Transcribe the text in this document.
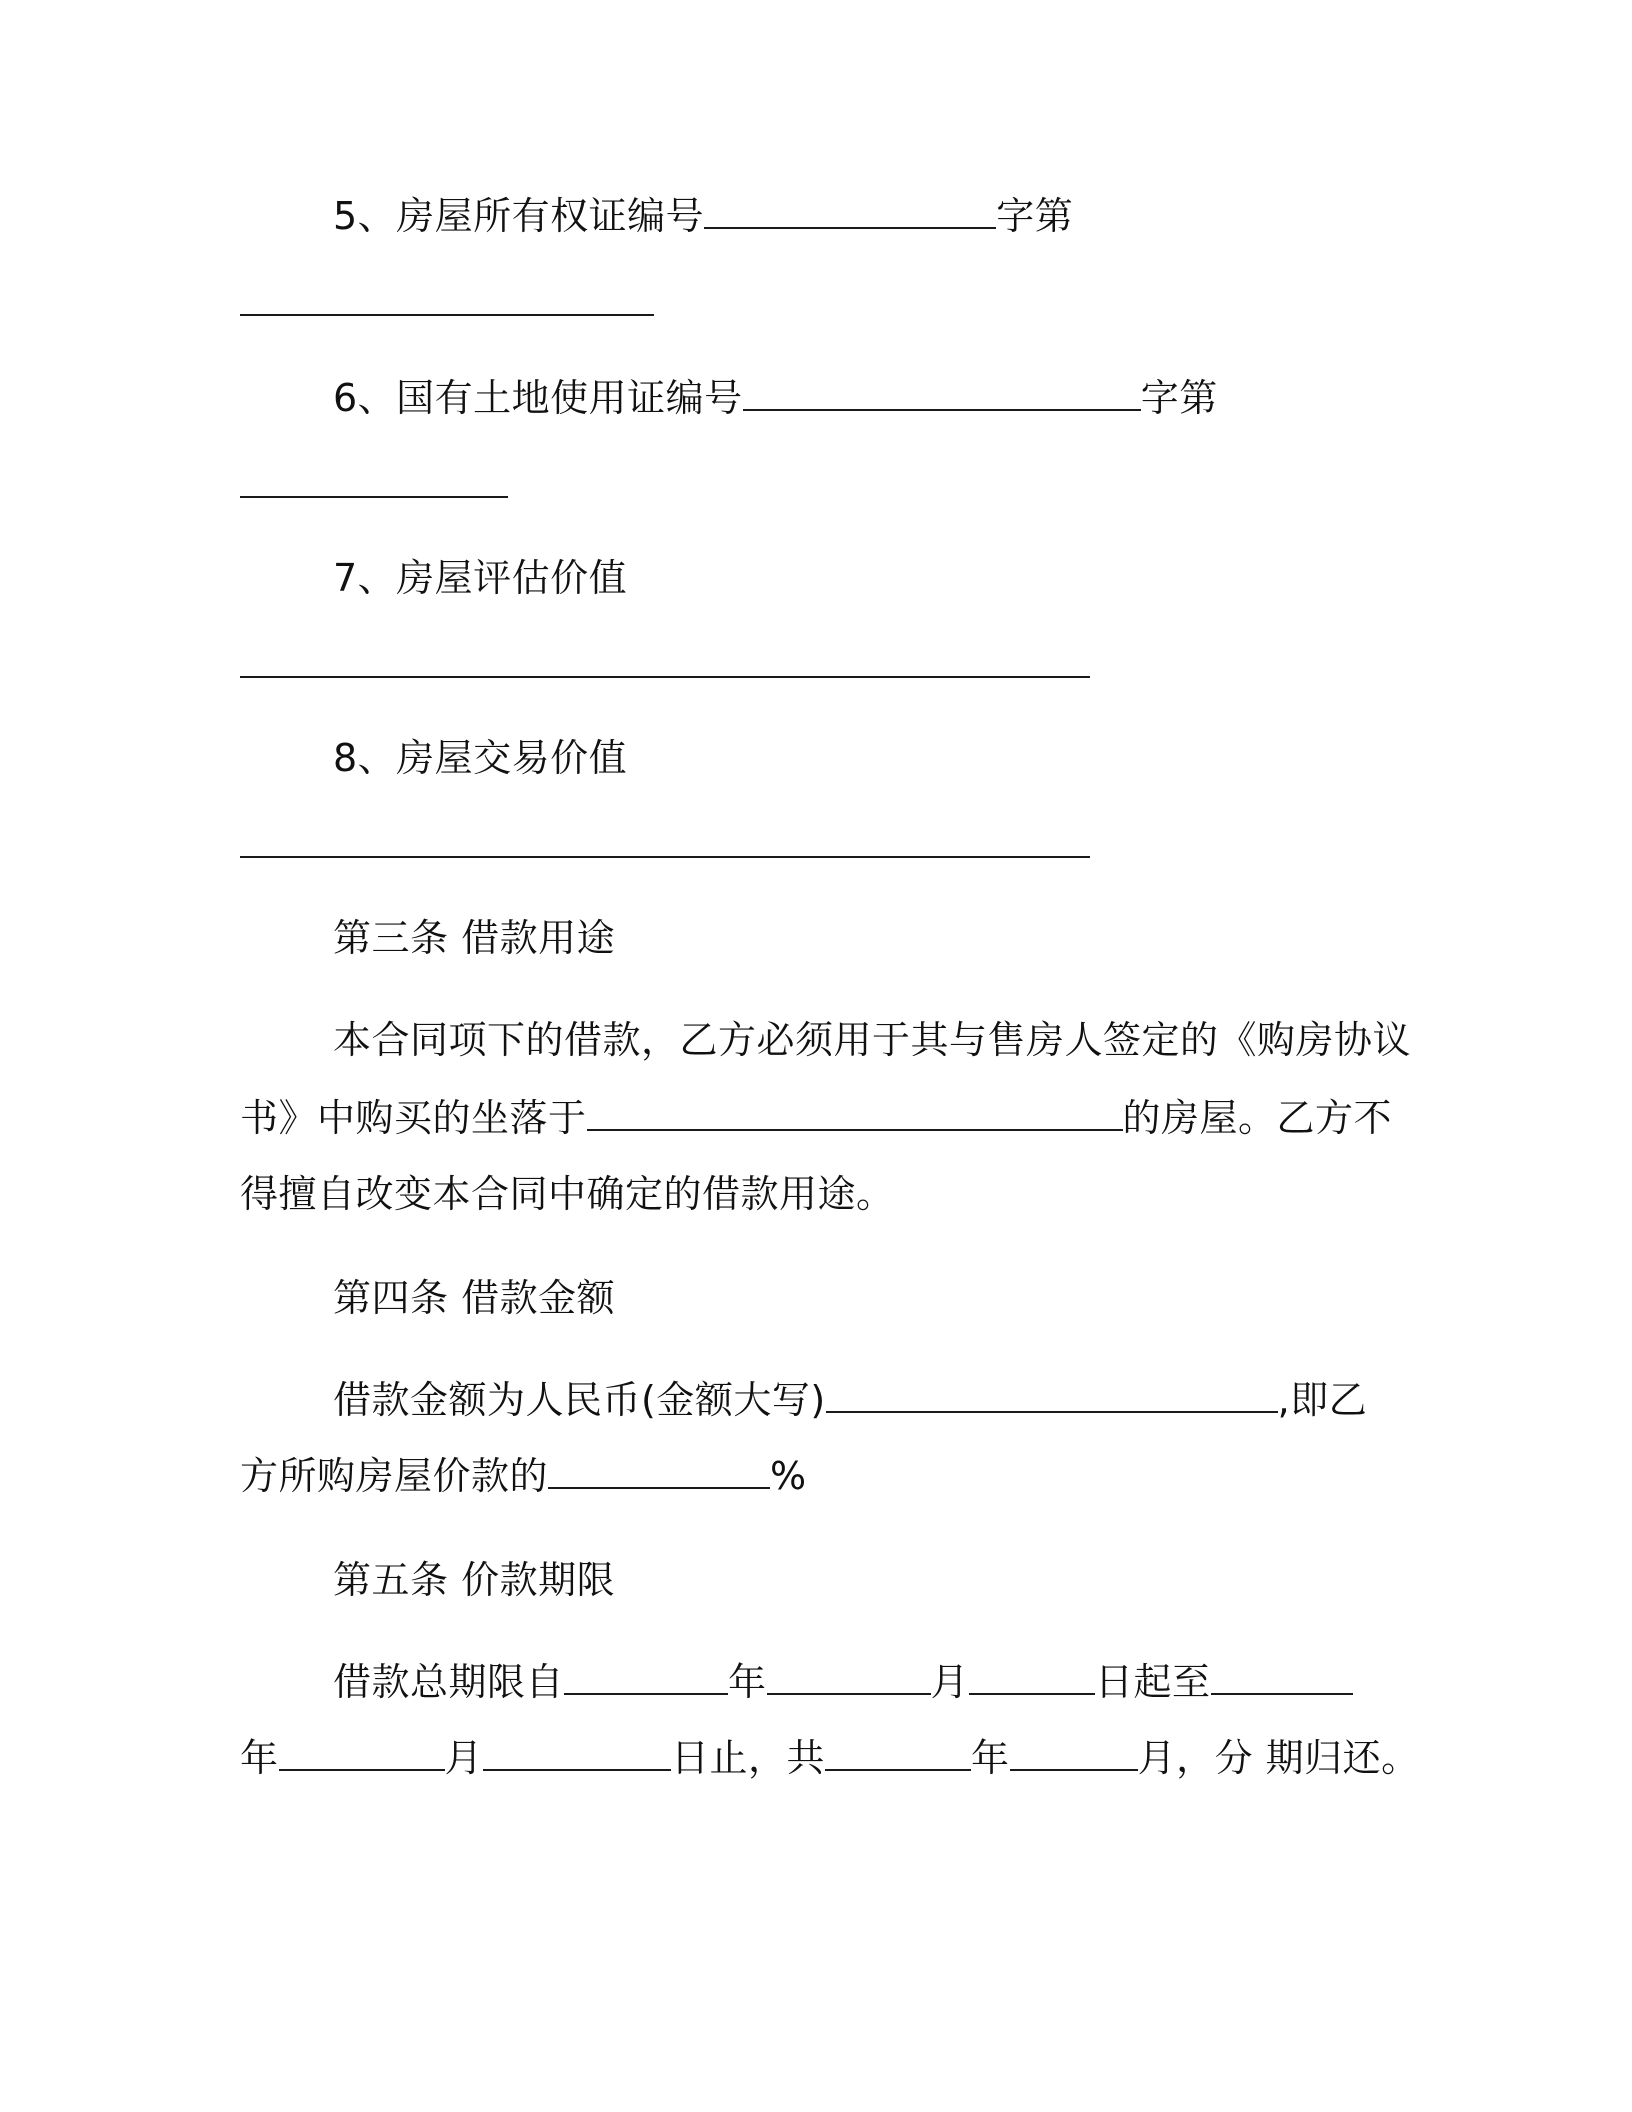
5、房屋所有权证编号	字第
6、国有土地使用证编号	字第
7、房屋评估价值
8、房屋交易价值
第三条 借款用途
本合同项下的借款，乙方必须用于其与售房人签定的《购房协议
书》中购买的坐落于	的房屋。乙方不
得擅自改变本合同中确定的借款用途。
第四条 借款金额
借款金额为人民币(金额大写)	,即乙
方所购房屋价款的	%
第五条 价款期限
借款总期限自	年	月	日起至
年	月	日止，共	年	月，分 期归还。
